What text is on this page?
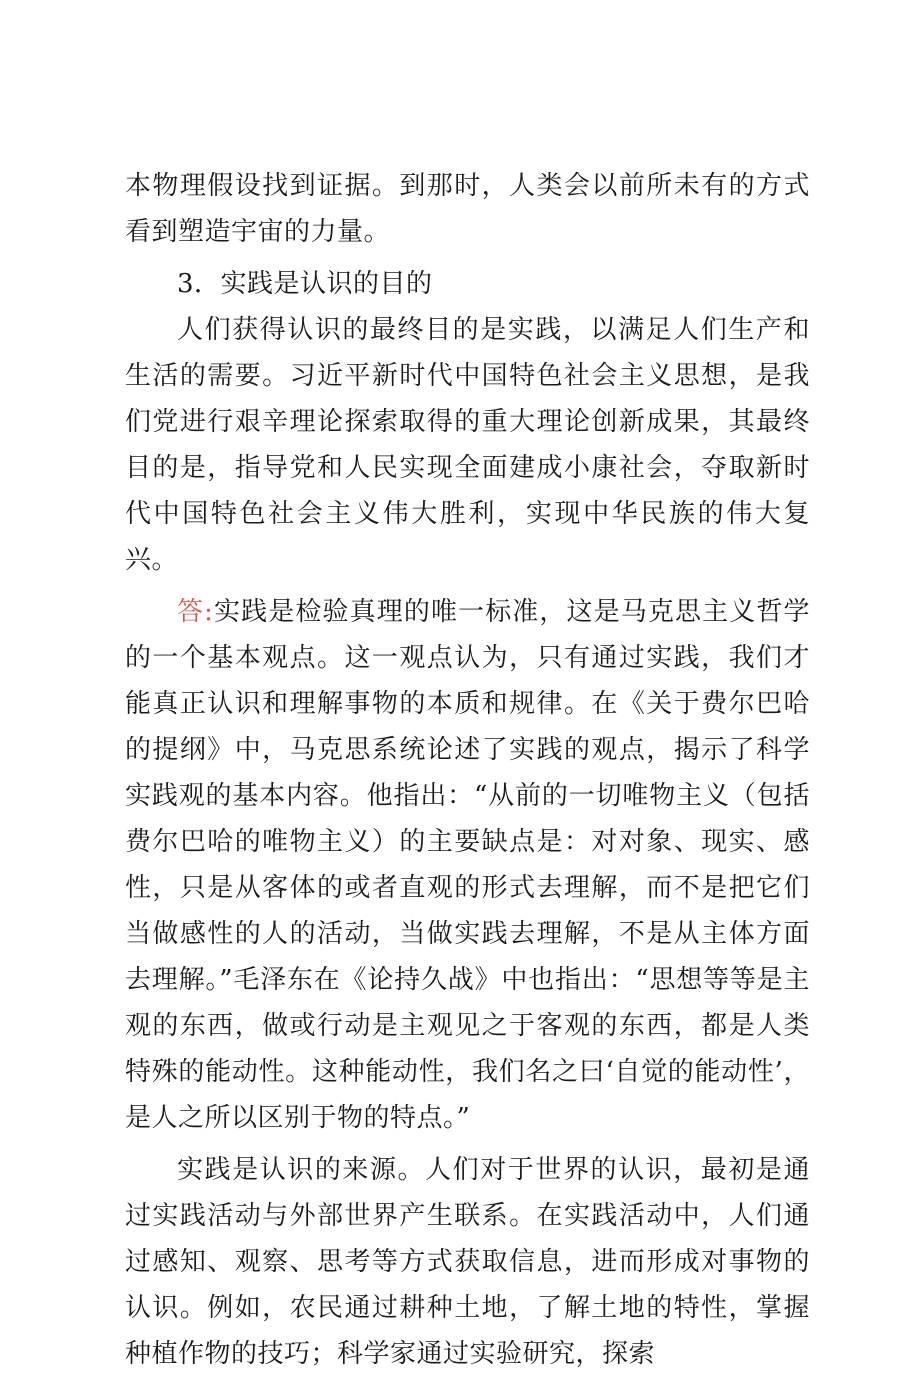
本物理假设找到证据。到那时，人类会以前所未有的方式看到塑造宇宙的力量。

3．实践是认识的目的

人们获得认识的最终目的是实践，以满足人们生产和生活的需要。习近平新时代中国特色社会主义思想，是我们党进行艰辛理论探索取得的重大理论创新成果，其最终目的是，指导党和人民实现全面建成小康社会，夺取新时代中国特色社会主义伟大胜利，实现中华民族的伟大复兴。

答:实践是检验真理的唯一标准，这是马克思主义哲学的一个基本观点。这一观点认为，只有通过实践，我们才能真正认识和理解事物的本质和规律。在《关于费尔巴哈的提纲》中，马克思系统论述了实践的观点，揭示了科学实践观的基本内容。他指出：“从前的一切唯物主义（包括费尔巴哈的唯物主义）的主要缺点是：对对象、现实、感性，只是从客体的或者直观的形式去理解，而不是把它们当做感性的人的活动，当做实践去理解，不是从主体方面去理解。”毛泽东在《论持久战》中也指出：“思想等等是主观的东西，做或行动是主观见之于客观的东西，都是人类特殊的能动性。这种能动性，我们名之曰‘自觉的能动性’，是人之所以区别于物的特点。”

实践是认识的来源。人们对于世界的认识，最初是通过实践活动与外部世界产生联系。在实践活动中，人们通过感知、观察、思考等方式获取信息，进而形成对事物的认识。例如，农民通过耕种土地，了解土地的特性，掌握种植作物的技巧；科学家通过实验研究，探索
